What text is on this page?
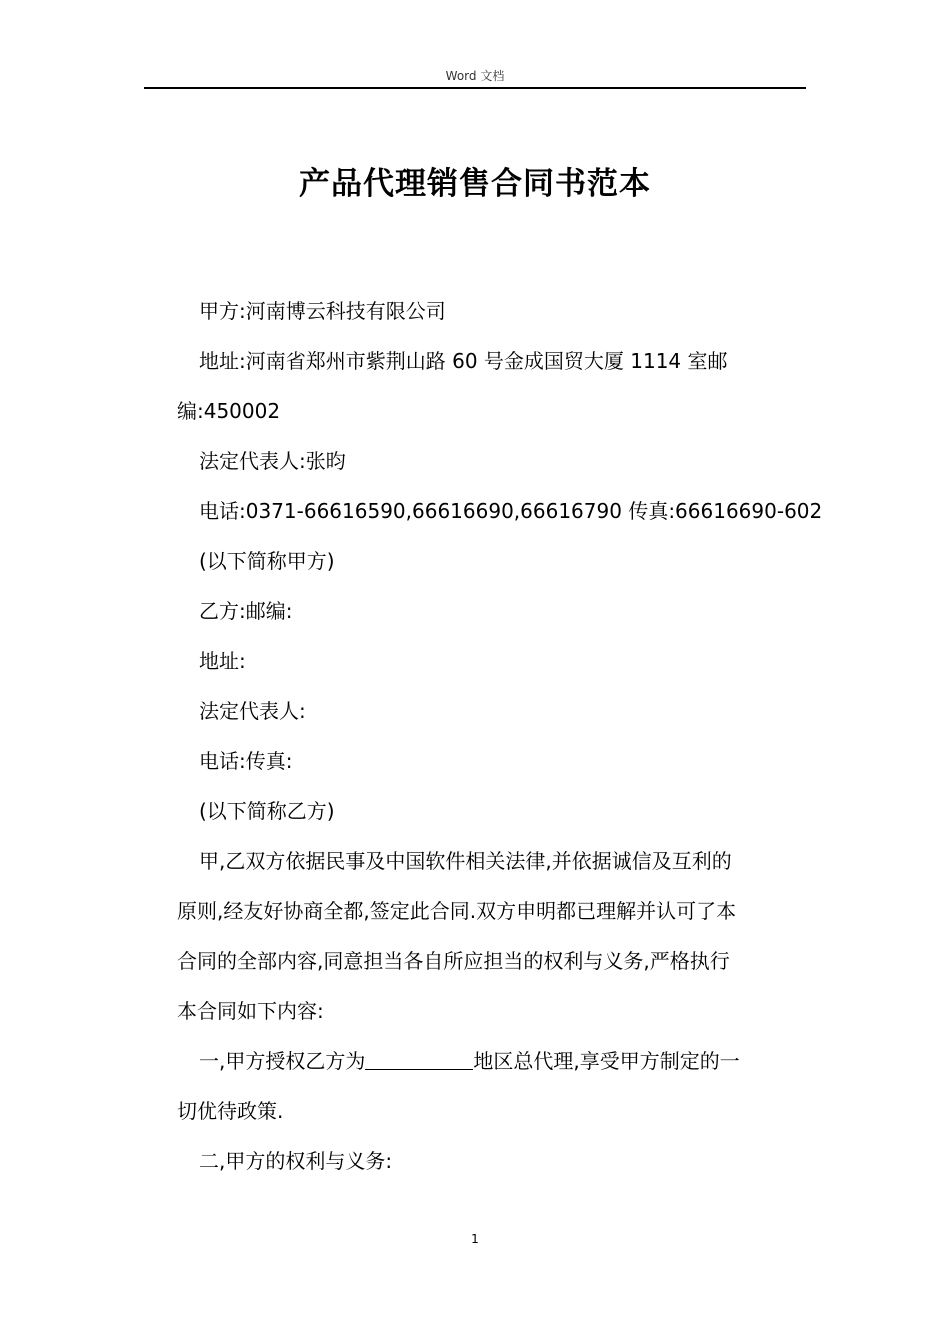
Word 文档
产品代理销售合同书范本

甲方:河南博云科技有限公司

地址:河南省郑州市紫荆山路 60 号金成国贸大厦 1114 室邮

编:450002

法定代表人:张昀

电话:0371-66616590,66616690,66616790 传真:66616690-602

(以下简称甲方)

乙方:邮编:

地址:

法定代表人:

电话:传真:

(以下简称乙方)

甲,乙双方依据民事及中国软件相关法律,并依据诚信及互利的

原则,经友好协商全都,签定此合同.双方申明都已理解并认可了本

合同的全部内容,同意担当各自所应担当的权利与义务,严格执行

本合同如下内容:

一,甲方授权乙方为	地区总代理,享受甲方制定的一

切优待政策.

二,甲方的权利与义务:

1
